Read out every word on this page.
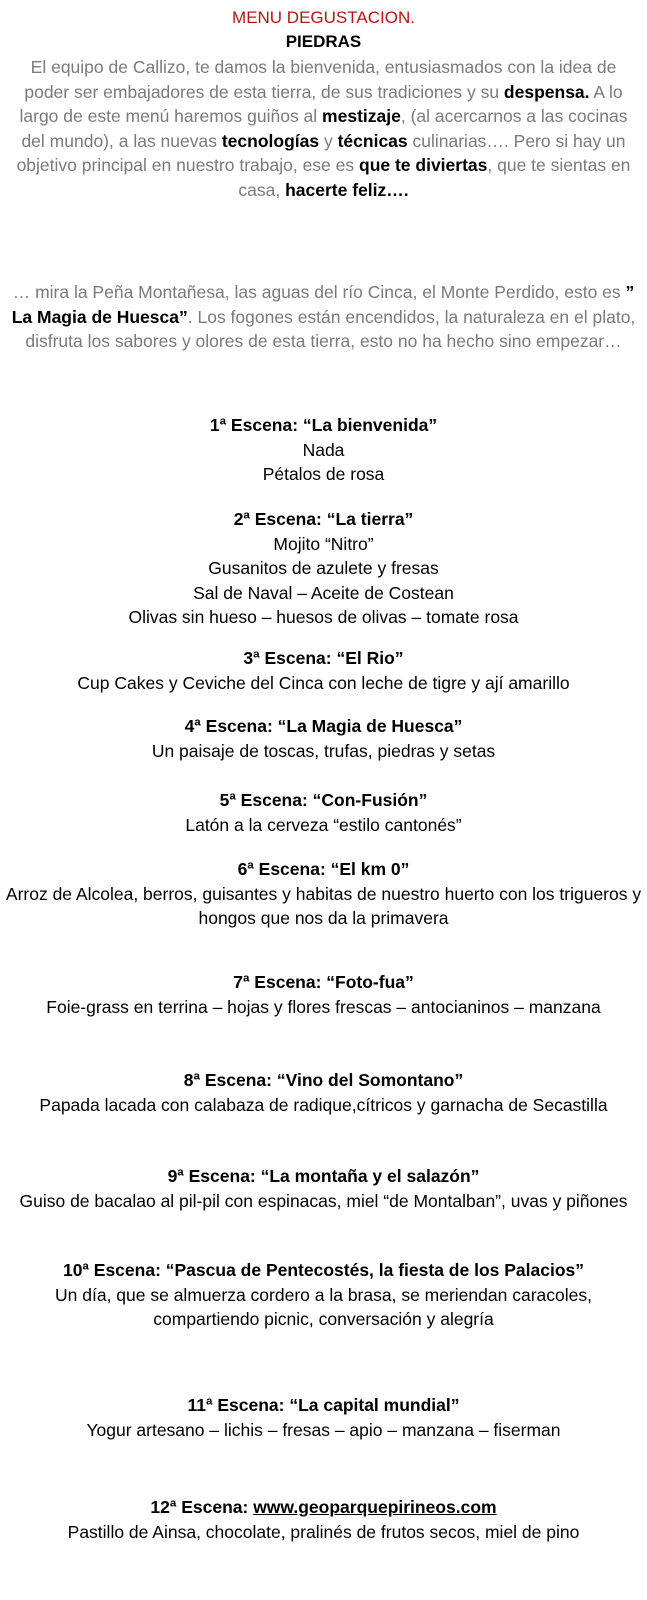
MENU DEGUSTACION.
PIEDRAS
El equipo de Callizo, te damos la bienvenida, entusiasmados con la idea de poder ser embajadores de esta tierra, de sus tradiciones y su despensa. A lo largo de este menú haremos guiños al mestizaje, (al acercarnos a las cocinas del mundo), a las nuevas tecnologías y técnicas culinarias…. Pero si hay un objetivo principal en nuestro trabajo, ese es que te diviertas, que te sientas en casa, hacerte feliz….
… mira la Peña Montañesa, las aguas del río Cinca, el Monte Perdido, esto es ” La Magia de Huesca”. Los fogones están encendidos, la naturaleza en el plato, disfruta los sabores y olores de esta tierra, esto no ha hecho sino empezar…
1ª Escena: “La bienvenida”
Nada
Pétalos de rosa
2ª Escena: “La tierra”
Mojito “Nitro”
Gusanitos de azulete y fresas
Sal de Naval – Aceite de Costean
Olivas sin hueso – huesos de olivas – tomate rosa
3ª Escena: “El Rio”
Cup Cakes y Ceviche del Cinca con leche de tigre y ají amarillo
4ª Escena: “La Magia de Huesca”
Un paisaje de toscas, trufas, piedras y setas
5ª Escena: “Con-Fusión”
Latón a la cerveza “estilo cantonés”
6ª Escena: “El km 0”
Arroz de Alcolea, berros, guisantes y habitas de nuestro huerto con los trigueros y hongos que nos da la primavera
7ª Escena: “Foto-fua”
Foie-grass en terrina – hojas y flores frescas – antocianinos – manzana
8ª Escena: “Vino del Somontano”
Papada lacada con calabaza de radique,cítricos y garnacha de Secastilla
9ª Escena: “La montaña y el salazón”
Guiso de bacalao al pil-pil con espinacas, miel “de Montalban”, uvas y piñones
10ª Escena: “Pascua de Pentecostés, la fiesta de los Palacios”
Un día, que se almuerza cordero a la brasa, se meriendan caracoles, compartiendo picnic, conversación y alegría
11ª Escena: “La capital mundial”
Yogur artesano – lichis – fresas – apio – manzana – fiserman
12ª Escena: www.geoparquepirineos.com
Pastillo de Ainsa, chocolate, pralinés de frutos secos, miel de pino
